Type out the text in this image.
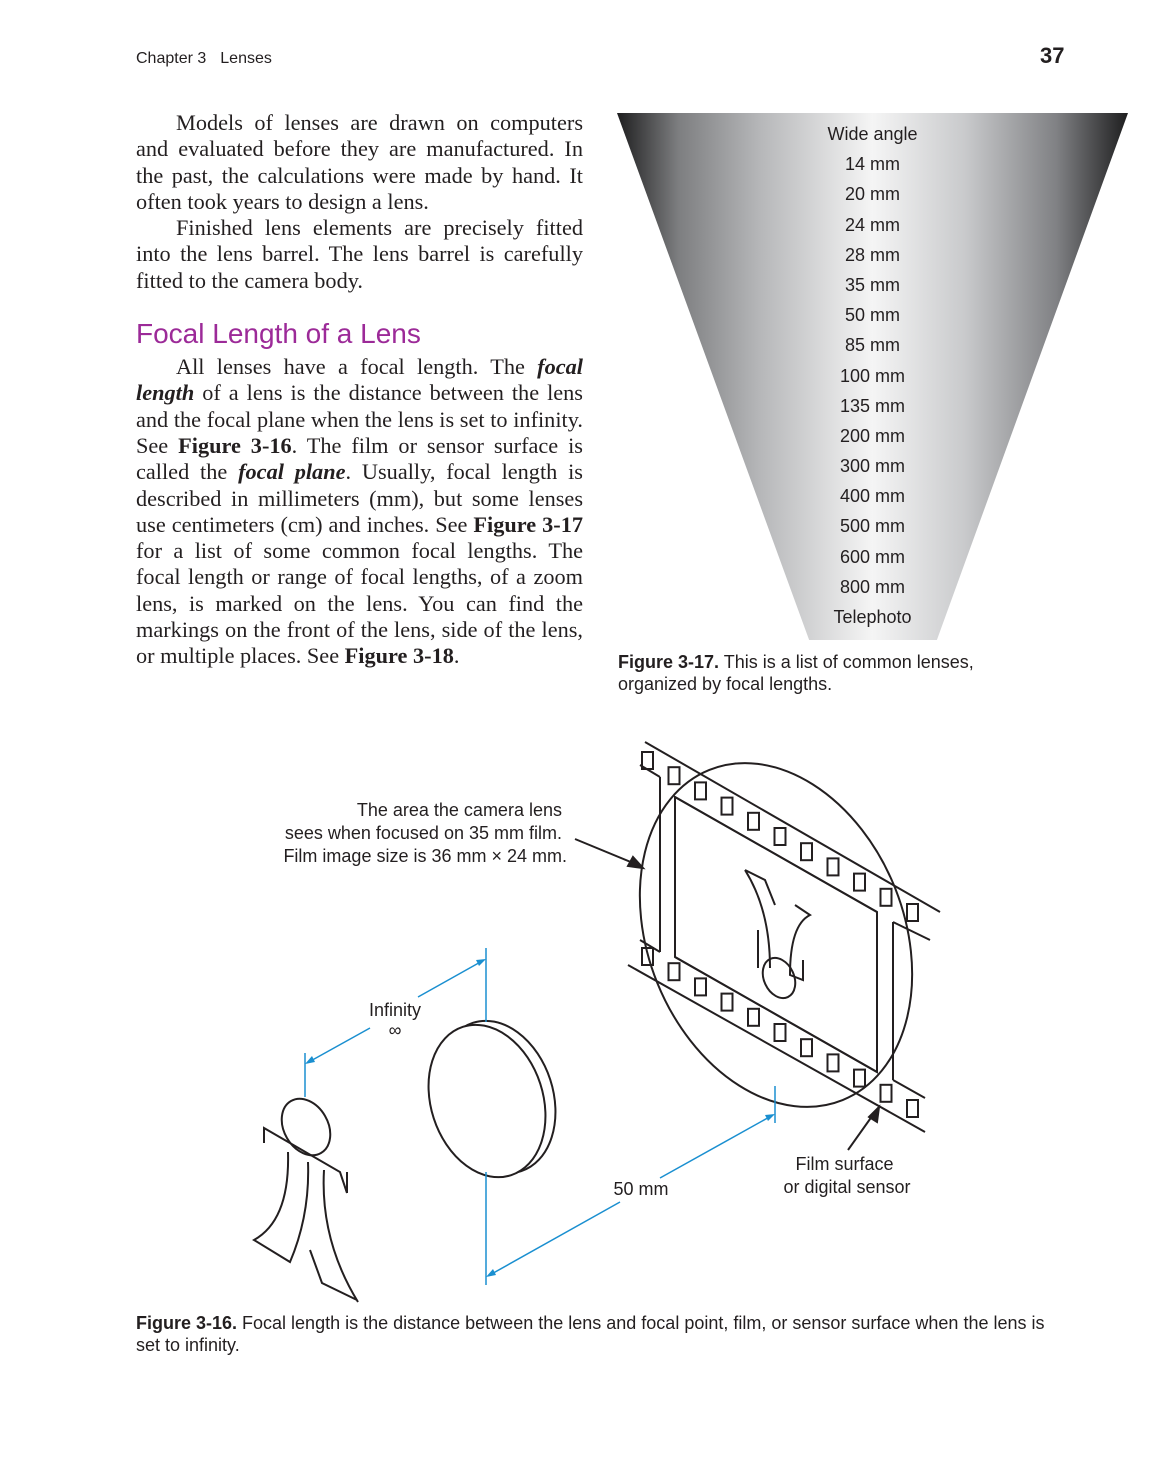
Chapter 3 Lenses	37

Models of lenses are drawn on computers and evaluated before they are manufactured. In the past, the calculations were made by hand. It often took years to design a lens.

Finished lens elements are precisely fitted into the lens barrel. The lens barrel is carefully fitted to the camera body.

Focal Length of a Lens

All lenses have a focal length. The focal length of a lens is the distance between the lens and the focal plane when the lens is set to infinity. See Figure 3-16. The film or sensor surface is called the focal plane. Usually, focal length is described in millimeters (mm), but some lenses use centimeters (cm) and inches. See Figure 3-17 for a list of some common focal lengths. The focal length or range of focal lengths, of a zoom lens, is marked on the lens. You can find the markings on the front of the lens, side of the lens, or multiple places. See Figure 3-18.

Wide angle
14 mm
20 mm
24 mm
28 mm
35 mm
50 mm
85 mm
100 mm
135 mm
200 mm
300 mm
400 mm
500 mm
600 mm
800 mm
Telephoto
Figure 3-17. This is a list of common lenses, organized by focal lengths.
The area the camera lens sees when focused on 35 mm film. Film image size is 36 mm × 24 mm.
Infinity
∞
50 mm
Film surface or digital sensor
Figure 3-16. Focal length is the distance between the lens and focal point, film, or sensor surface when the lens is set to infinity.
